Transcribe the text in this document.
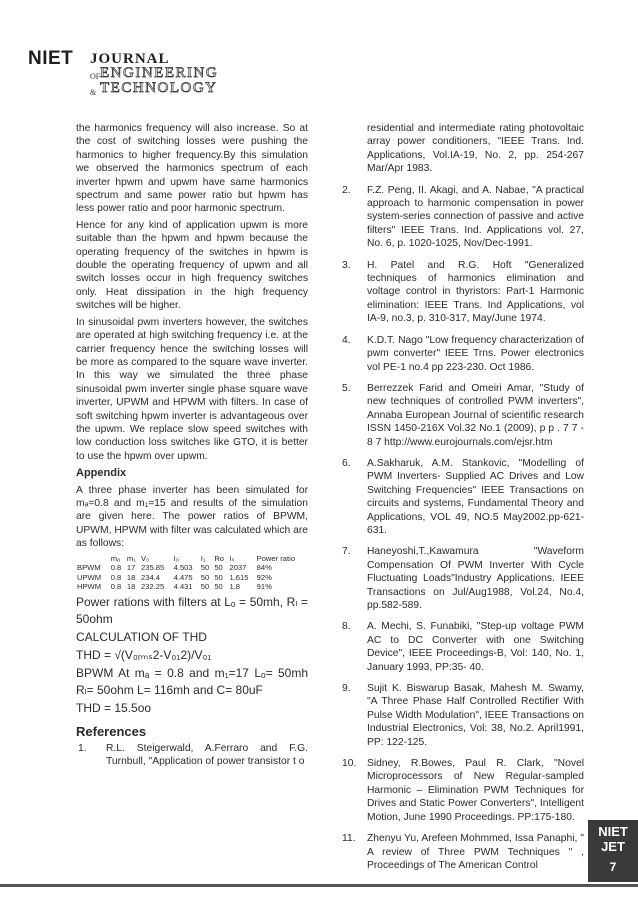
NIET JOURNAL
OF ENGINEERING
& TECHNOLOGY

the harmonics frequency will also increase. So at the cost of switching losses were pushing the harmonics to higher frequency.By this simulation we observed the harmonics spectrum of each inverter hpwm and upwm have same harmonics spectrum and same power ratio but hpwm has less power ratio and poor harmonic spectrum.

Hence for any kind of application upwm is more suitable than the hpwm and hpwm because the operating frequency of the switches in hpwm is double the operating frequency of upwm and all switch losses occur in high frequency switches only. Heat dissipation in the high frequency switches will be higher.

In sinusoidal pwm inverters however, the switches are operated at high switching frequency i.e. at the carrier frequency hence the switching losses will be more as compared to the square wave inverter. In this way we simulated the three phase sinusoidal pwm inverter single phase square wave inverter, UPWM and HPWM with filters. In case of soft switching hpwm inverter is advantageous over the upwm. We replace slow speed switches with low conduction loss switches like GTO, it is better to use the hpwm over upwm.

Appendix

A three phase inverter has been simulated for mₐ=0.8 and m₁=15 and results of the simulation are given here. The power ratios of BPWM, UPWM, HPWM with filter was calculated which are as follows:

	mₐ	m₁	V₀	I₀	I₁	Ro	Iₛ	Power ratio
BPWM	0.8	17	235.85	4.503	50	50	2037	84%
UPWM	0.8	18	234.4	4.475	50	50	1.615	92%
HPWM	0.8	18	232.25	4.431	50	50	1.8	91%

Power rations with filters at Lₒ = 50mh, Rₗ = 50ohm

CALCULATION OF THD

THD = √(V₀ᵣₘₛ2-V₀₁2)/V₀₁

BPWM At mₐ = 0.8 and m₁=17 Lₒ= 50mh Rₗ= 50ohm L= 116mh and C= 80uF

THD = 15.5oo

References
1.	R.L. Steigerwald, A.Ferraro and F.G. Turnbull, "Application of power transistor t o
residential and intermediate rating photovoltaic array power conditioners, "IEEE Trans. Ind. Applications, Vol.IA-19, No. 2, pp. 254-267 Mar/Apr 1983.
2.	F.Z. Peng, II. Akagi, and A. Nabae, "A practical approach to harmonic compensation in power system-series connection of passive and active filters" IEEE Trans. Ind. Applications vol. 27, No. 6, p. 1020-1025, Nov/Dec-1991.
3.	H. Patel and R.G. Hoft "Generalized techniques of harmonics elimination and voltage control in thyristors: Part-1 Harmonic elimination: IEEE Trans. Ind Applications, vol IA-9, no.3, p. 310-317, May/June 1974.
4.	K.D.T. Nago "Low frequency characterization of pwm converter" IEEE Trns. Power electronics vol PE-1 no.4 pp 223-230. Oct 1986.
5.	Berrezzek Farid and Omeiri Amar, "Study of new techniques of controlled PWM inverters", Annaba European Journal of scientific research ISSN 1450-216X Vol.32 No.1 (2009), p p . 7 7 - 8 7 http://www.eurojournals.com/ejsr.htm
6.	A.Sakharuk, A.M. Stankovic, "Modelling of PWM Inverters- Supplied AC Drives and Low Switching Frequencies" IEEE Transactions on circuits and systems, Fundamental Theory and Applications, VOL 49, NO.5 May2002.pp-621-631.
7.	Haneyoshi,T.,Kawamura "Waveform Compensation Of PWM Inverter With Cycle Fluctuating Loads"Industry Applications. IEEE Transactions on Jul/Aug1988, Vol.24, No.4, pp.582-589.
8.	A. Mechi, S. Funabiki, "Step-up voltage PWM AC to DC Converter with one Switching Device", IEEE Proceedings-B, Vol: 140, No. 1, January 1993, PP:35- 40.
9.	Sujit K. Biswarup Basak, Mahesh M. Swamy, "A Three Phase Half Controlled Rectifier With Pulse Width Modulation", IEEE Transactions on Industrial Electronics, Vol: 38, No.2. April1991, PP: 122-125.
10.	Sidney, R.Bowes, Paul R. Clark, "Novel Microprocessors of New Regular-sampled Harmonic – Elimination PWM Techniques for Drives and Static Power Converters", Intelligent Motion, June 1990 Proceedings. PP:175-180.
11.	Zhenyu Yu, Arefeen Mohmmed, Issa Panaphi, " A review of Three PWM Techniques " , Proceedings of The American Control
NIET
JET
7
